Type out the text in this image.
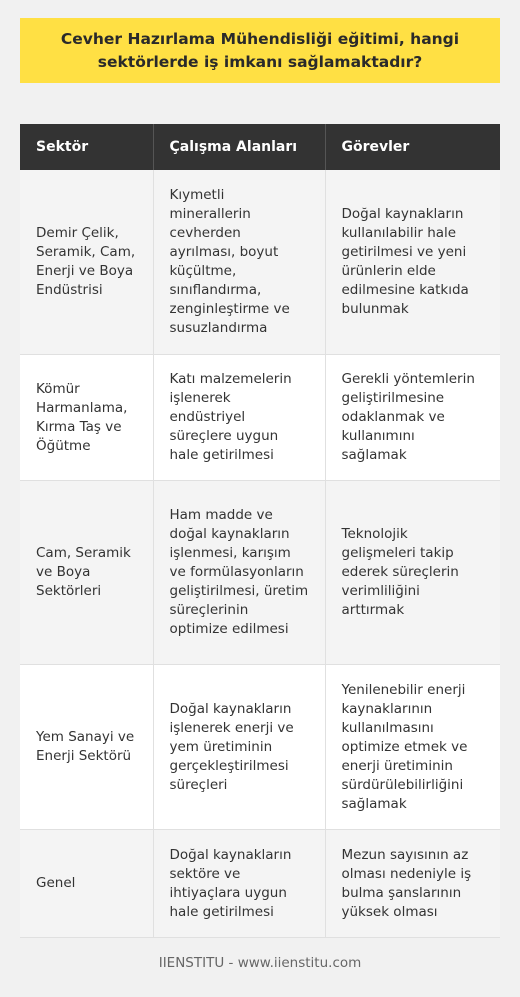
Cevher Hazırlama Mühendisliği eğitimi, hangi sektörlerde iş imkanı sağlamaktadır?
Sektör	Çalışma Alanları	Görevler
Demir Çelik, Seramik, Cam, Enerji ve Boya Endüstrisi	Kıymetli minerallerin cevherden ayrılması, boyut küçültme, sınıflandırma, zenginleştirme ve susuzlandırma	Doğal kaynakların kullanılabilir hale getirilmesi ve yeni ürünlerin elde edilmesine katkıda bulunmak
Kömür Harmanlama, Kırma Taş ve Öğütme	Katı malzemelerin işlenerek endüstriyel süreçlere uygun hale getirilmesi	Gerekli yöntemlerin geliştirilmesine odaklanmak ve kullanımını sağlamak
Cam, Seramik ve Boya Sektörleri	Ham madde ve doğal kaynakların işlenmesi, karışım ve formülasyonların geliştirilmesi, üretim süreçlerinin optimize edilmesi	Teknolojik gelişmeleri takip ederek süreçlerin verimliliğini arttırmak
Yem Sanayi ve Enerji Sektörü	Doğal kaynakların işlenerek enerji ve yem üretiminin gerçekleştirilmesi süreçleri	Yenilenebilir enerji kaynaklarının kullanılmasını optimize etmek ve enerji üretiminin sürdürülebilirliğini sağlamak
Genel	Doğal kaynakların sektöre ve ihtiyaçlara uygun hale getirilmesi	Mezun sayısının az olması nedeniyle iş bulma şanslarının yüksek olması
IIENSTITU - www.iienstitu.com
